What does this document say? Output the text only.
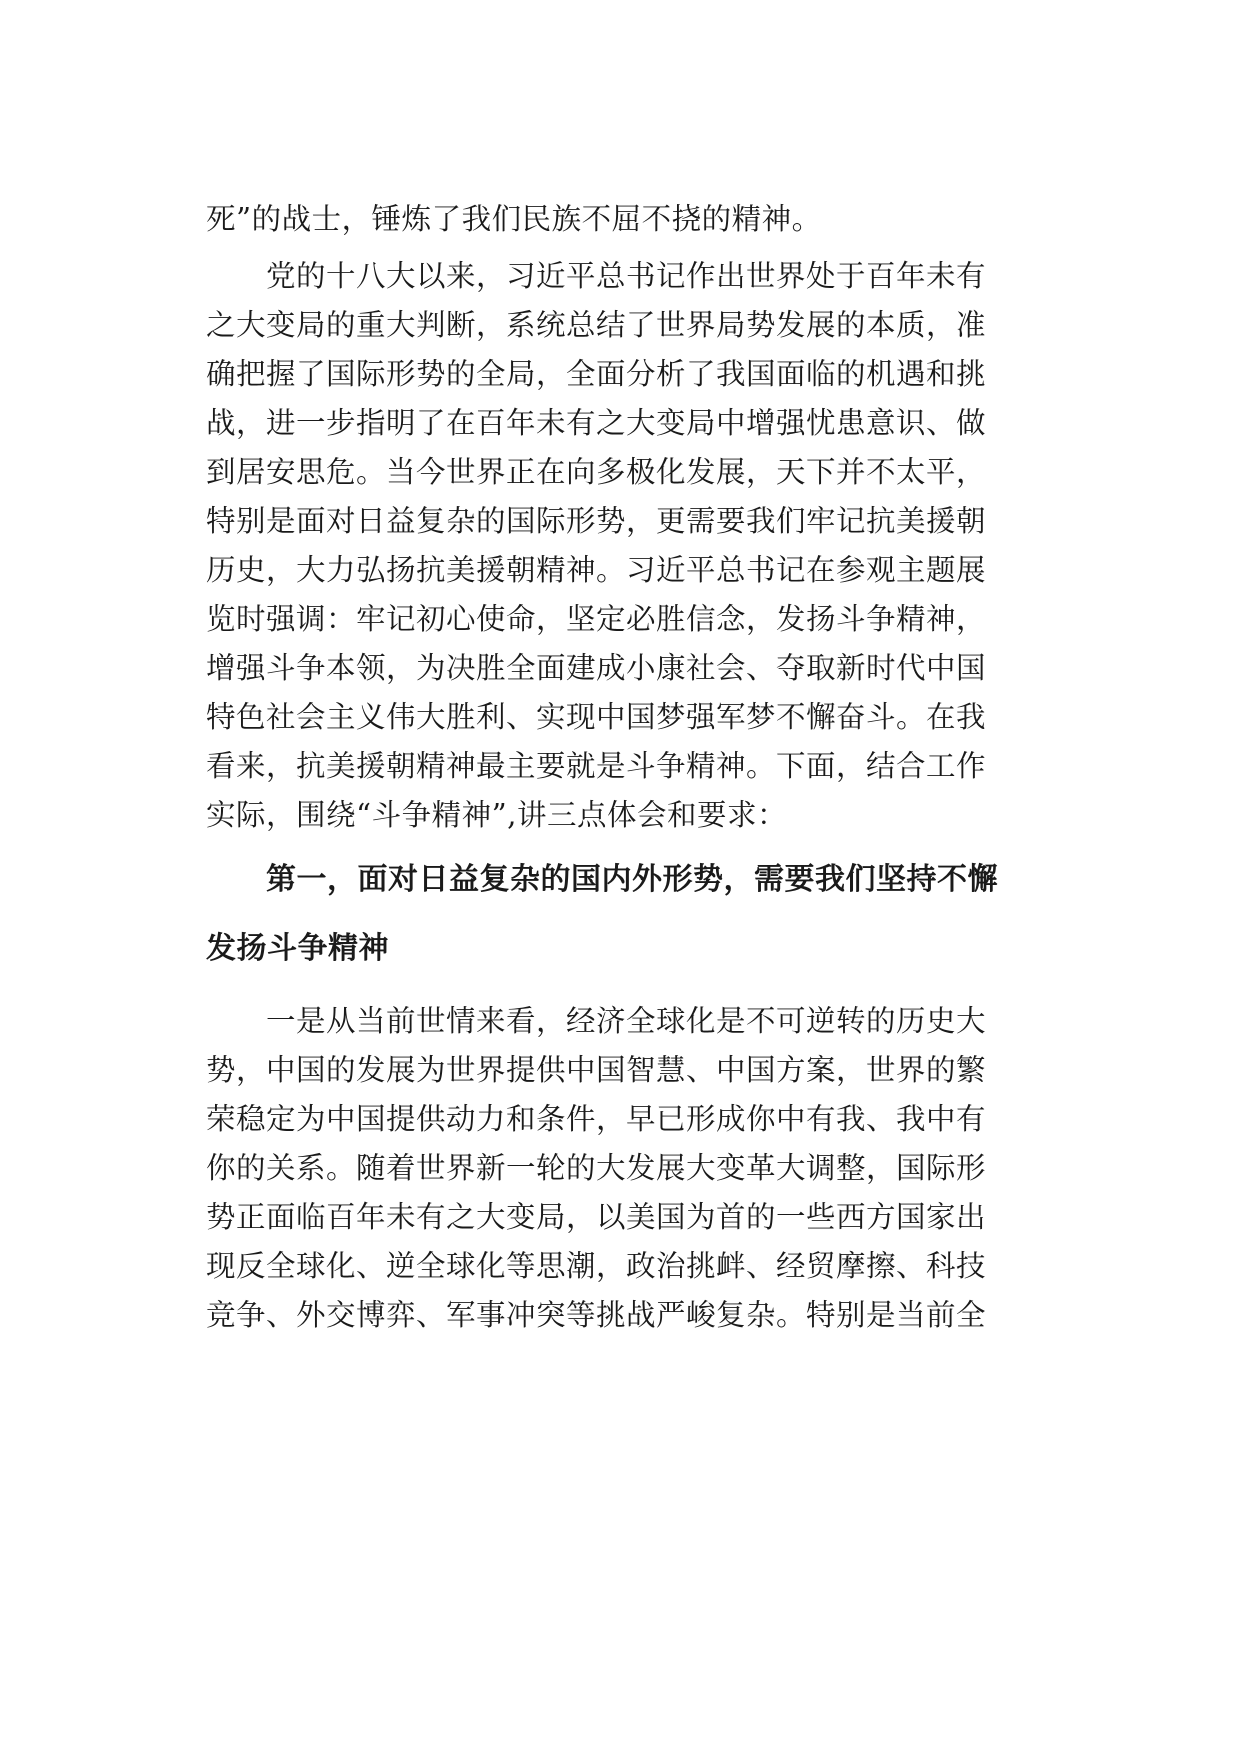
死”的战士，锤炼了我们民族不屈不挠的精神。
党的十八大以来，习近平总书记作出世界处于百年未有
之大变局的重大判断，系统总结了世界局势发展的本质，准
确把握了国际形势的全局，全面分析了我国面临的机遇和挑
战，进一步指明了在百年未有之大变局中增强忧患意识、做
到居安思危。当今世界正在向多极化发展，天下并不太平，
特别是面对日益复杂的国际形势，更需要我们牢记抗美援朝
历史，大力弘扬抗美援朝精神。习近平总书记在参观主题展
览时强调：牢记初心使命，坚定必胜信念，发扬斗争精神，
增强斗争本领，为决胜全面建成小康社会、夺取新时代中国
特色社会主义伟大胜利、实现中国梦强军梦不懈奋斗。在我
看来，抗美援朝精神最主要就是斗争精神。下面，结合工作
实际，围绕“斗争精神”,讲三点体会和要求：
第一，面对日益复杂的国内外形势，需要我们坚持不懈
发扬斗争精神
一是从当前世情来看，经济全球化是不可逆转的历史大
势，中国的发展为世界提供中国智慧、中国方案，世界的繁
荣稳定为中国提供动力和条件，早已形成你中有我、我中有
你的关系。随着世界新一轮的大发展大变革大调整，国际形
势正面临百年未有之大变局，以美国为首的一些西方国家出
现反全球化、逆全球化等思潮，政治挑衅、经贸摩擦、科技
竞争、外交博弈、军事冲突等挑战严峻复杂。特别是当前全
